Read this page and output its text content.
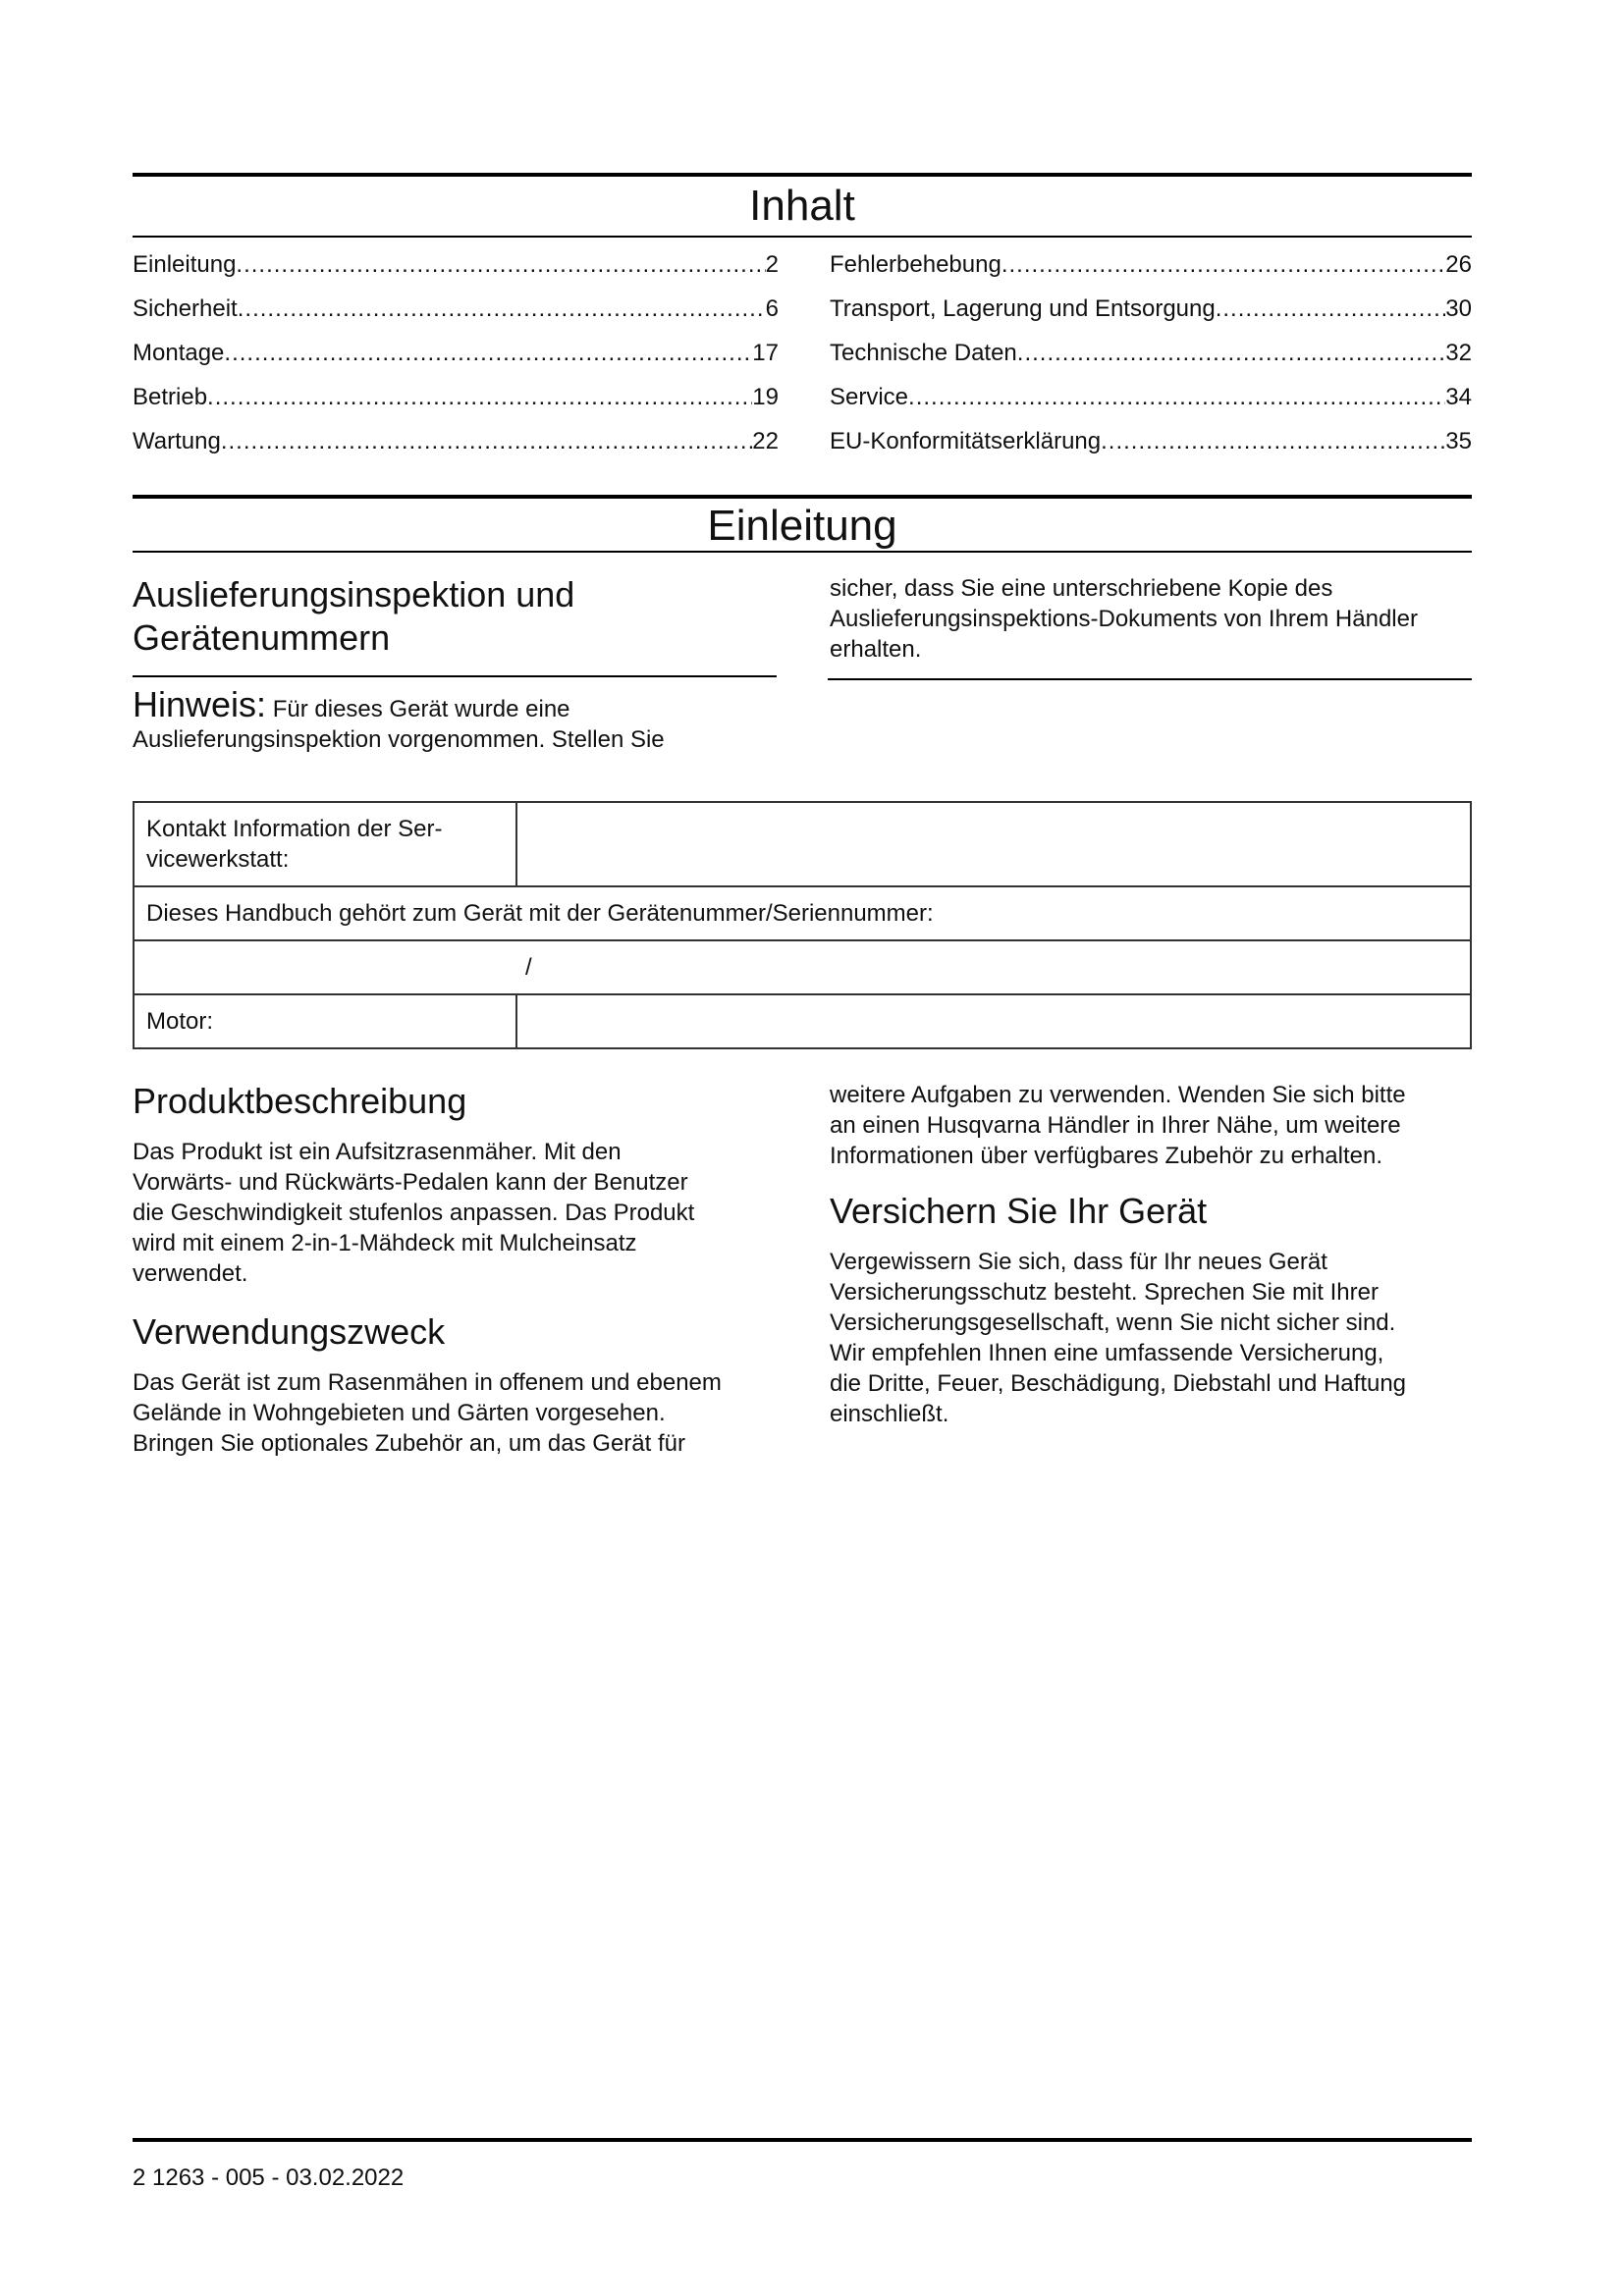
Inhalt
Einleitung .....	2
Sicherheit .....	6
Montage .....	17
Betrieb .....	19
Wartung .....	22
Fehlerbehebung .....	26
Transport, Lagerung und Entsorgung .....	30
Technische Daten .....	32
Service .....	34
EU-Konformitätserklärung .....	35
Einleitung
Auslieferungsinspektion und
Gerätenummern
Hinweis: Für dieses Gerät wurde eine
Auslieferungsinspektion vorgenommen. Stellen Sie
sicher, dass Sie eine unterschriebene Kopie des
Auslieferungsinspektions-Dokuments von Ihrem Händler
erhalten.
Kontakt Information der Ser-
vicewerkstatt:	

Dieses Handbuch gehört zum Gerät mit der Gerätenummer/Seriennummer:	
/	
Motor:	
Produktbeschreibung
Das Produkt ist ein Aufsitzrasenmäher. Mit den
Vorwärts- und Rückwärts-Pedalen kann der Benutzer
die Geschwindigkeit stufenlos anpassen. Das Produkt
wird mit einem 2-in-1-Mähdeck mit Mulcheinsatz
verwendet.
Verwendungszweck
Das Gerät ist zum Rasenmähen in offenem und ebenem
Gelände in Wohngebieten und Gärten vorgesehen.
Bringen Sie optionales Zubehör an, um das Gerät für
weitere Aufgaben zu verwenden. Wenden Sie sich bitte
an einen Husqvarna Händler in Ihrer Nähe, um weitere
Informationen über verfügbares Zubehör zu erhalten.
Versichern Sie Ihr Gerät
Vergewissern Sie sich, dass für Ihr neues Gerät
Versicherungsschutz besteht. Sprechen Sie mit Ihrer
Versicherungsgesellschaft, wenn Sie nicht sicher sind.
Wir empfehlen Ihnen eine umfassende Versicherung,
die Dritte, Feuer, Beschädigung, Diebstahl und Haftung
einschließt.
2 1263 - 005 - 03.02.2022
